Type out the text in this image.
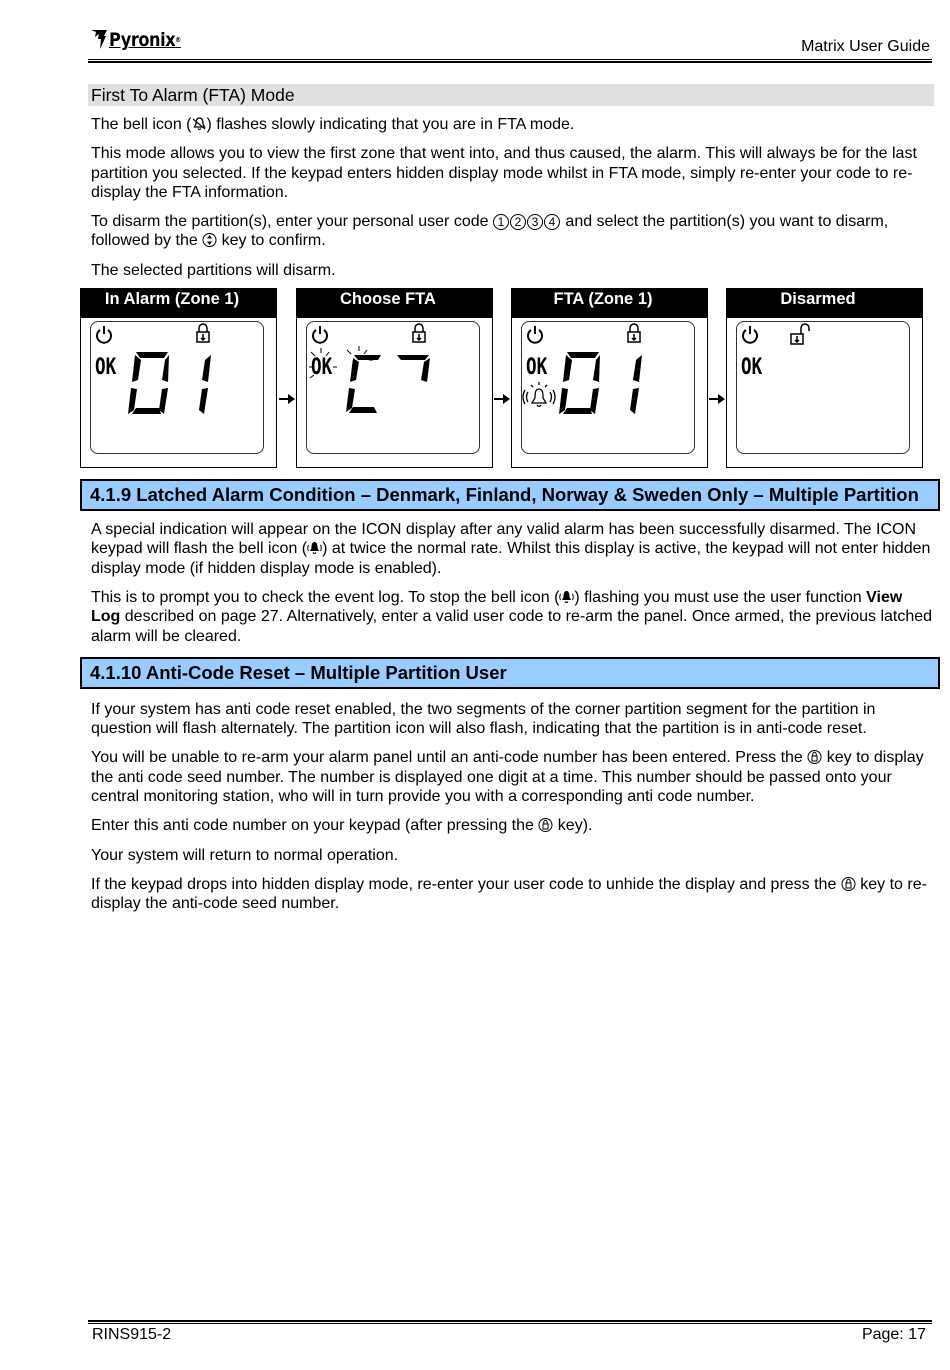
Pyronix®	Matrix User Guide
First To Alarm (FTA) Mode

The bell icon ( ) flashes slowly indicating that you are in FTA mode.

This mode allows you to view the first zone that went into, and thus caused, the alarm. This will always be for the last partition you selected. If the keypad enters hidden display mode whilst in FTA mode, simply re-enter your code to re-display the FTA information.

To disarm the partition(s), enter your personal user code 1 2 3 4 and select the partition(s) you want to disarm, followed by the  key to confirm.

The selected partitions will disarm.

In Alarm (Zone 1)
OK
Choose FTA
OK
FTA (Zone 1)
OK
Disarmed
OK
4.1.9 Latched Alarm Condition – Denmark, Finland, Norway & Sweden Only – Multiple Partition

A special indication will appear on the ICON display after any valid alarm has been successfully disarmed. The ICON keypad will flash the bell icon ( ) at twice the normal rate. Whilst this display is active, the keypad will not enter hidden display mode (if hidden display mode is enabled).

This is to prompt you to check the event log. To stop the bell icon ( ) flashing you must use the user function View Log described on page 27. Alternatively, enter a valid user code to re-arm the panel. Once armed, the previous latched alarm will be cleared.

4.1.10 Anti-Code Reset – Multiple Partition User

If your system has anti code reset enabled, the two segments of the corner partition segment for the partition in question will flash alternately. The partition icon will also flash, indicating that the partition is in anti-code reset.

You will be unable to re-arm your alarm panel until an anti-code number has been entered. Press the  key to display the anti code seed number. The number is displayed one digit at a time. This number should be passed onto your central monitoring station, who will in turn provide you with a corresponding anti code number.

Enter this anti code number on your keypad (after pressing the  key).

Your system will return to normal operation.

If the keypad drops into hidden display mode, re-enter your user code to unhide the display and press the  key to re-display the anti-code seed number.

RINS915-2	Page: 17
